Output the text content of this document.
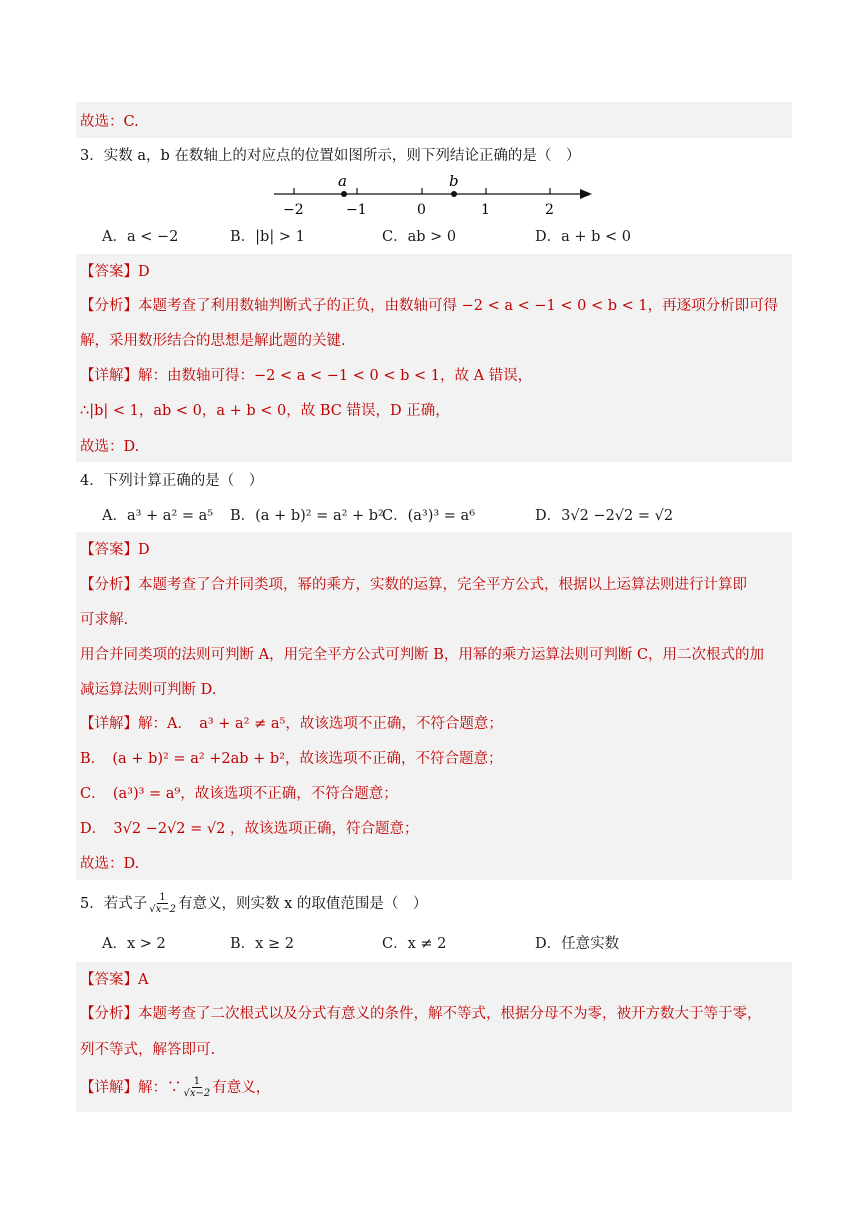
故选：C.
3．实数 a，b 在数轴上的对应点的位置如图所示，则下列结论正确的是（　）
a	b
−2	−1	0	1	2
A．a < −2	B．|b| > 1	C．ab > 0	D．a + b < 0
【答案】D
【分析】本题考查了利用数轴判断式子的正负，由数轴可得 −2 < a < −1 < 0 < b < 1，再逐项分析即可得
解，采用数形结合的思想是解此题的关键.
【详解】解：由数轴可得：−2 < a < −1 < 0 < b < 1，故 A 错误，
∴|b| < 1，ab < 0，a + b < 0，故 BC 错误，D 正确，
故选：D.
4．下列计算正确的是（　）
A．a³ + a² = a⁵ B．(a + b)² = a² + b²
C．(a³)³ = a⁶	D．3√2 −2√2 = √2
【答案】D
【分析】本题考查了合并同类项，幂的乘方，实数的运算，完全平方公式，根据以上运算法则进行计算即
可求解.
用合并同类项的法则可判断 A，用完全平方公式可判断 B，用幂的乘方运算法则可判断 C，用二次根式的加
减运算法则可判断 D.
【详解】解：A．　a³ + a² ≠ a⁵，故该选项不正确，不符合题意；
B．　(a + b)² = a² +2ab + b²，故该选项不正确，不符合题意；
C．　(a³)³ = a⁹，故该选项不正确，不符合题意；
D．　3√2 −2√2 = √2 ，故该选项正确，符合题意；
故选：D.
5．若式子 $\frac{1}{√x-2}$ 有意义，则实数 x 的取值范围是（　）
A．x > 2	B．x ≥ 2	C．x ≠ 2	D．任意实数
【答案】A
【分析】本题考查了二次根式以及分式有意义的条件，解不等式，根据分母不为零，被开方数大于等于零，
列不等式，解答即可.
【详解】解：∵ $\frac{1}{√x-2}$ 有意义，
